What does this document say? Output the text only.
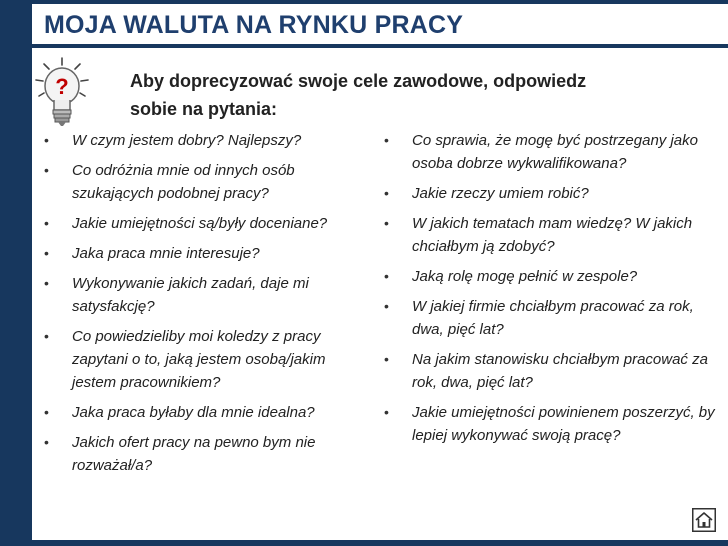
MOJA WALUTA NA RYNKU PRACY
?	Aby doprecyzować swoje cele zawodowe, odpowiedz
sobie na pytania:
• W czym jestem dobry? Najlepszy?
• Co odróżnia mnie od innych osób szukających podobnej pracy?
• Jakie umiejętności są/były doceniane?
• Jaka praca mnie interesuje?
• Wykonywanie jakich zadań, daje mi satysfakcję?
• Co powiedzieliby moi koledzy z pracy zapytani o to, jaką jestem osobą/jakim jestem pracownikiem?
• Jaka praca byłaby dla mnie idealna?
• Jakich ofert pracy na pewno bym nie rozważał/a?
• Co sprawia, że mogę być postrzegany jako osoba dobrze wykwalifikowana?
• Jakie rzeczy umiem robić?
• W jakich tematach mam wiedzę? W jakich chciałbym ją zdobyć?
• Jaką rolę mogę pełnić w zespole?
• W jakiej firmie chciałbym pracować za rok, dwa, pięć lat?
• Na jakim stanowisku chciałbym pracować za rok, dwa, pięć lat?
• Jakie umiejętności powinienem poszerzyć, by lepiej wykonywać swoją pracę?
